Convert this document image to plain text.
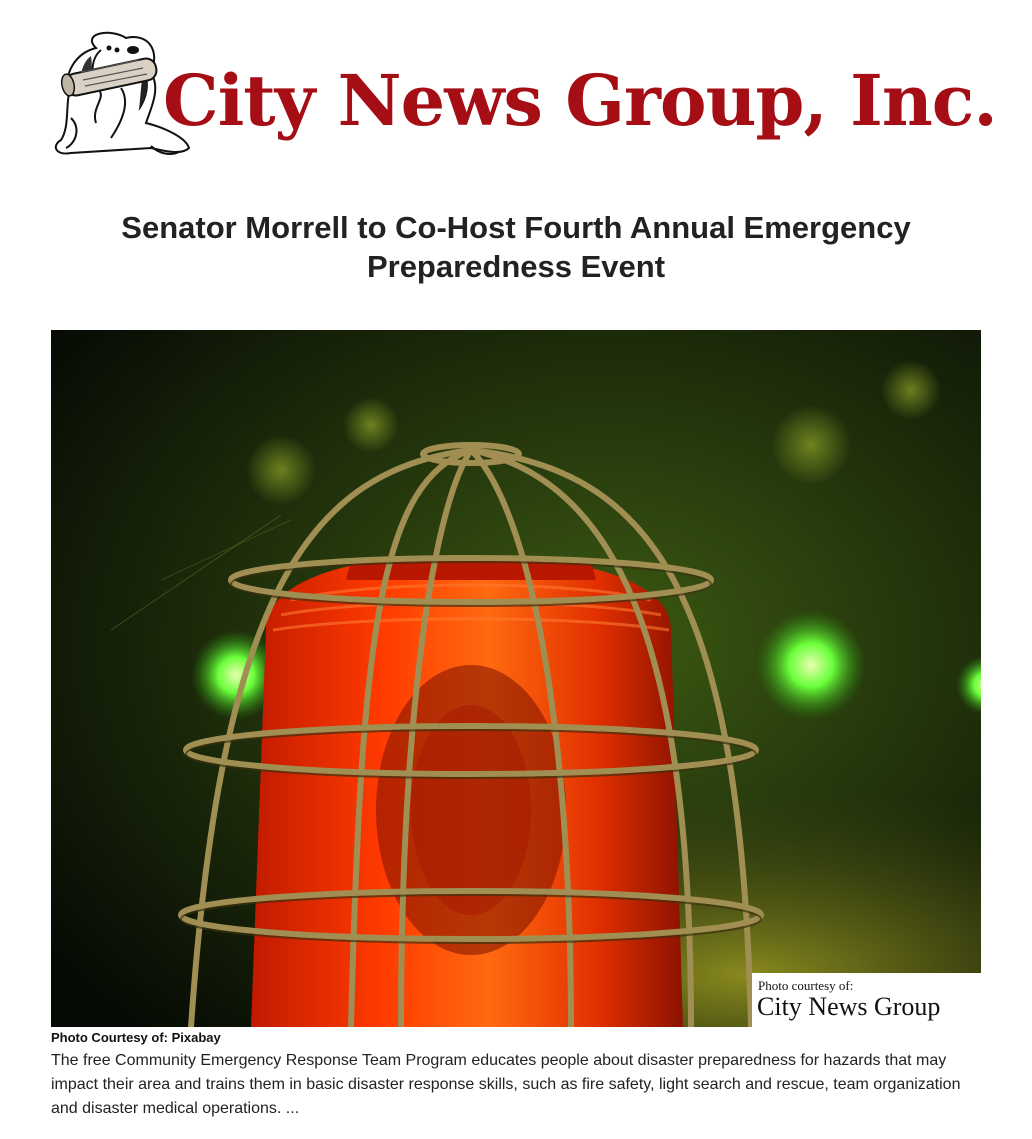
City News Group, Inc.
Senator Morrell to Co-Host Fourth Annual Emergency Preparedness Event
Photo courtesy of:
City News Group
Photo Courtesy of: Pixabay

The free Community Emergency Response Team Program educates people about disaster preparedness for hazards that may impact their area and trains them in basic disaster response skills, such as fire safety, light search and rescue, team organization and disaster medical operations. ...
